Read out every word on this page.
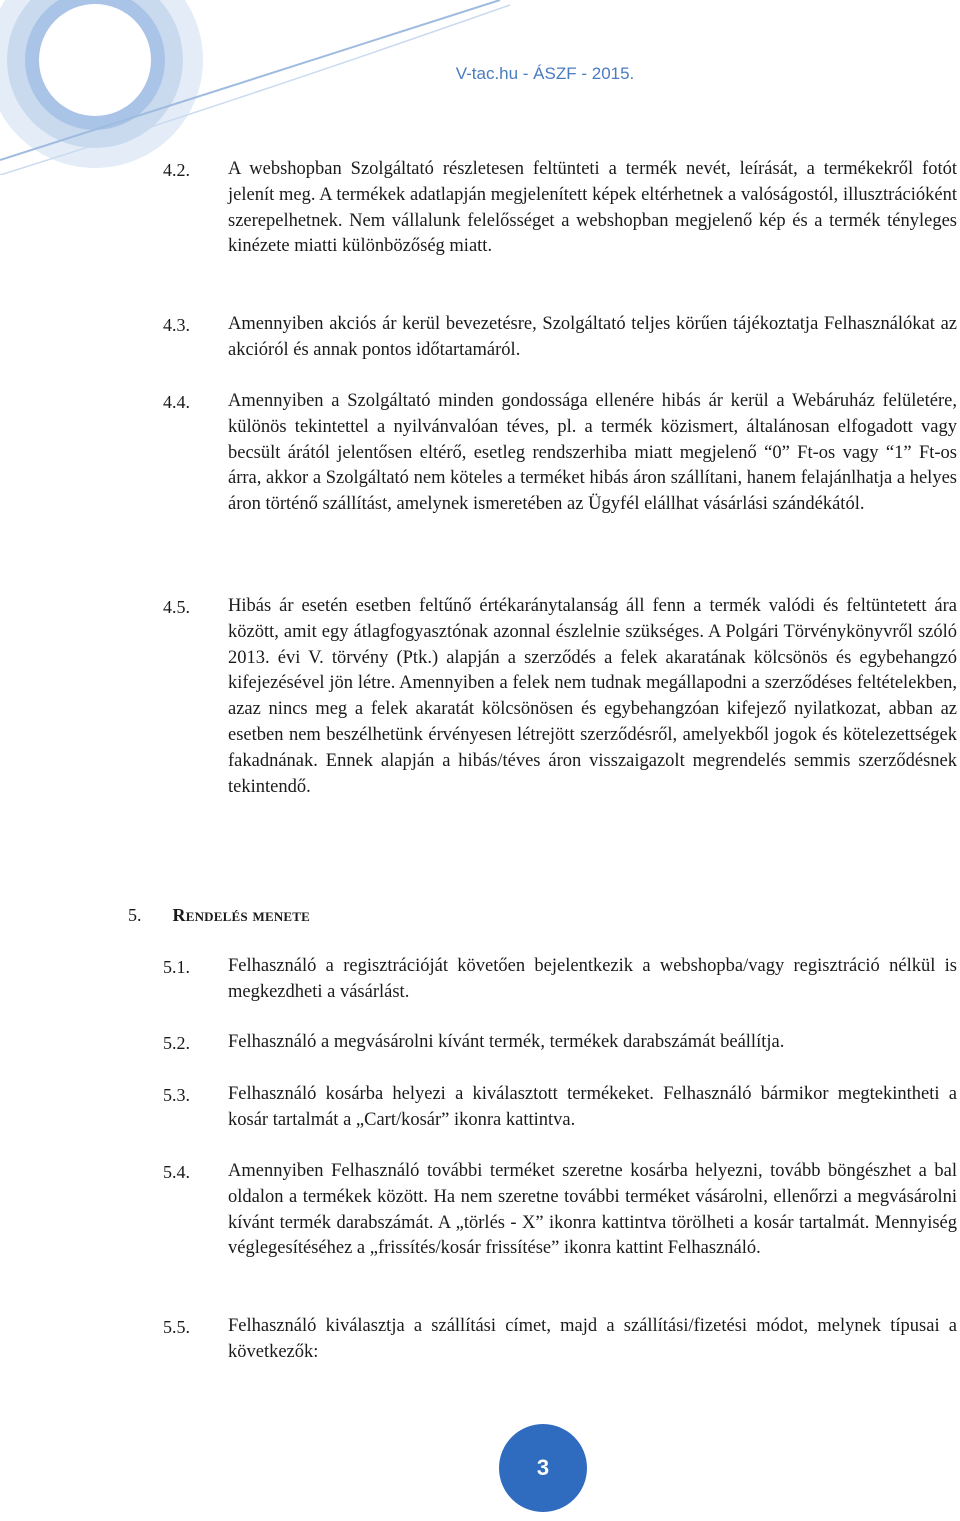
V-tac.hu - ÁSZF - 2015.
4.2.	A webshopban Szolgáltató részletesen feltünteti a termék nevét, leírását, a termékekről fotót jelenít meg. A termékek adatlapján megjelenített képek eltérhetnek a valóságostól, illusztrációként szerepelhetnek. Nem vállalunk felelősséget a webshopban megjelenő kép és a termék tényleges kinézete miatti különbözőség miatt.
4.3.	Amennyiben akciós ár kerül bevezetésre, Szolgáltató teljes körűen tájékoztatja Felhasználókat az akcióról és annak pontos időtartamáról.
4.4.	Amennyiben a Szolgáltató minden gondossága ellenére hibás ár kerül a Webáruház felületére, különös tekintettel a nyilvánvalóan téves, pl. a termék közismert, általánosan elfogadott vagy becsült árától jelentősen eltérő, esetleg rendszerhiba miatt megjelenő “0” Ft-os vagy “1” Ft-os árra, akkor a Szolgáltató nem köteles a terméket hibás áron szállítani, hanem felajánlhatja a helyes áron történő szállítást, amelynek ismeretében az Ügyfél elállhat vásárlási szándékától.
4.5.	Hibás ár esetén esetben feltűnő értékaránytalanság áll fenn a termék valódi és feltüntetett ára között, amit egy átlagfogyasztónak azonnal észlelnie szükséges. A Polgári Törvénykönyvről szóló 2013. évi V. törvény (Ptk.) alapján a szerződés a felek akaratának kölcsönös és egybehangzó kifejezésével jön létre. Amennyiben a felek nem tudnak megállapodni a szerződéses feltételekben, azaz nincs meg a felek akaratát kölcsönösen és egybehangzóan kifejező nyilatkozat, abban az esetben nem beszélhetünk érvényesen létrejött szerződésről, amelyekből jogok és kötelezettségek fakadnának. Ennek alapján a hibás/téves áron visszaigazolt megrendelés semmis szerződésnek tekintendő.
5. Rendelés menete
5.1.	Felhasználó a regisztrációját követően bejelentkezik a webshopba/vagy regisztráció nélkül is megkezdheti a vásárlást.
5.2.	Felhasználó a megvásárolni kívánt termék, termékek darabszámát beállítja.
5.3.	Felhasználó kosárba helyezi a kiválasztott termékeket. Felhasználó bármikor megtekintheti a kosár tartalmát a „Cart/kosár” ikonra kattintva.
5.4.	Amennyiben Felhasználó további terméket szeretne kosárba helyezni, tovább böngészhet a bal oldalon a termékek között. Ha nem szeretne további terméket vásárolni, ellenőrzi a megvásárolni kívánt termék darabszámát. A „törlés - X” ikonra kattintva törölheti a kosár tartalmát. Mennyiség véglegesítéséhez a „frissítés/kosár frissítése” ikonra kattint Felhasználó.
5.5.	Felhasználó kiválasztja a szállítási címet, majd a szállítási/fizetési módot, melynek típusai a következők:
3
